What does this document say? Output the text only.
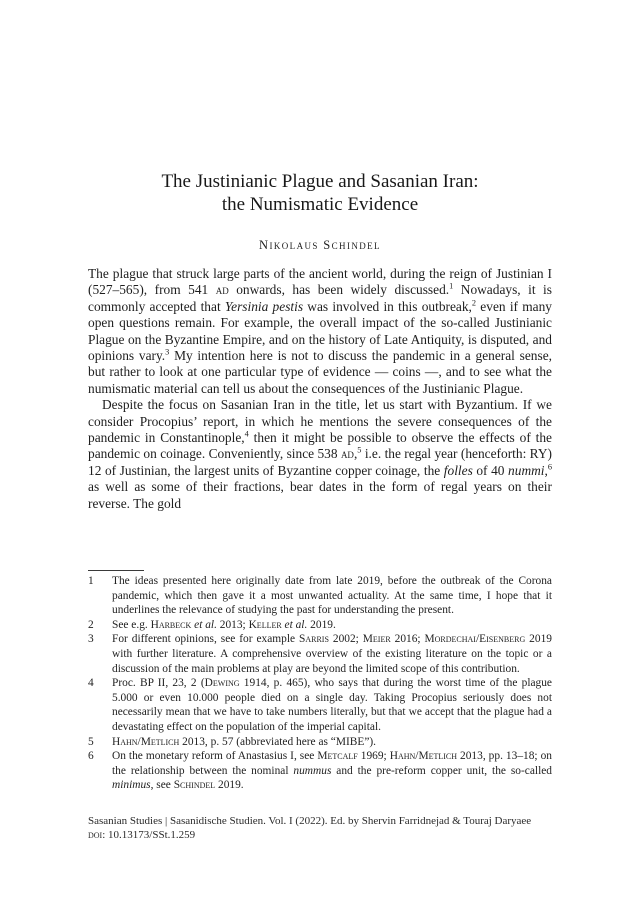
The Justinianic Plague and Sasanian Iran:
the Numismatic Evidence
Nikolaus Schindel

The plague that struck large parts of the ancient world, during the reign of Justinian I (527–565), from 541 ad onwards, has been widely discussed.$^1$ Nowadays, it is commonly accepted that Yersinia pestis was involved in this outbreak,$^2$ even if many open questions remain. For example, the overall impact of the so-called Justinianic Plague on the Byzantine Empire, and on the history of Late Antiquity, is disputed, and opinions vary.$^3$ My intention here is not to discuss the pandemic in a general sense, but rather to look at one particular type of evidence — coins —, and to see what the numismatic material can tell us about the consequences of the Justinianic Plague.

Despite the focus on Sasanian Iran in the title, let us start with Byzantium. If we consider Procopius’ report, in which he mentions the severe consequences of the pandemic in Constantinople,$^4$ then it might be possible to observe the effects of the pandemic on coinage. Conveniently, since 538 ad,$^5$ i.e. the regal year (henceforth: RY) 12 of Justinian, the largest units of Byzantine copper coinage, the folles of 40 nummi,$^6$ as well as some of their fractions, bear dates in the form of regal years on their reverse. The gold

1	The ideas presented here originally date from late 2019, before the outbreak of the Corona pandemic, which then gave it a most unwanted actuality. At the same time, I hope that it underlines the relevance of studying the past for understanding the present.
2	See e.g. Harbeck et al. 2013; Keller et al. 2019.
3	For different opinions, see for example Sarris 2002; Meier 2016; Mordechai/Eisenberg 2019 with further literature. A comprehensive overview of the existing literature on the topic or a discussion of the main problems at play are beyond the limited scope of this contribution.
4	Proc. BP II, 23, 2 (Dewing 1914, p. 465), who says that during the worst time of the plague 5.000 or even 10.000 people died on a single day. Taking Procopius seriously does not necessarily mean that we have to take numbers literally, but that we accept that the plague had a devastating effect on the population of the imperial capital.
5	Hahn/Metlich 2013, p. 57 (abbreviated here as “MIBE”).
6	On the monetary reform of Anastasius I, see Metcalf 1969; Hahn/Metlich 2013, pp. 13–18; on the relationship between the nominal nummus and the pre-reform copper unit, the so-called minimus, see Schindel 2019.
Sasanian Studies | Sasanidische Studien. Vol. I (2022). Ed. by Shervin Farridnejad & Touraj Daryaee
doi: 10.13173/SSt.1.259
